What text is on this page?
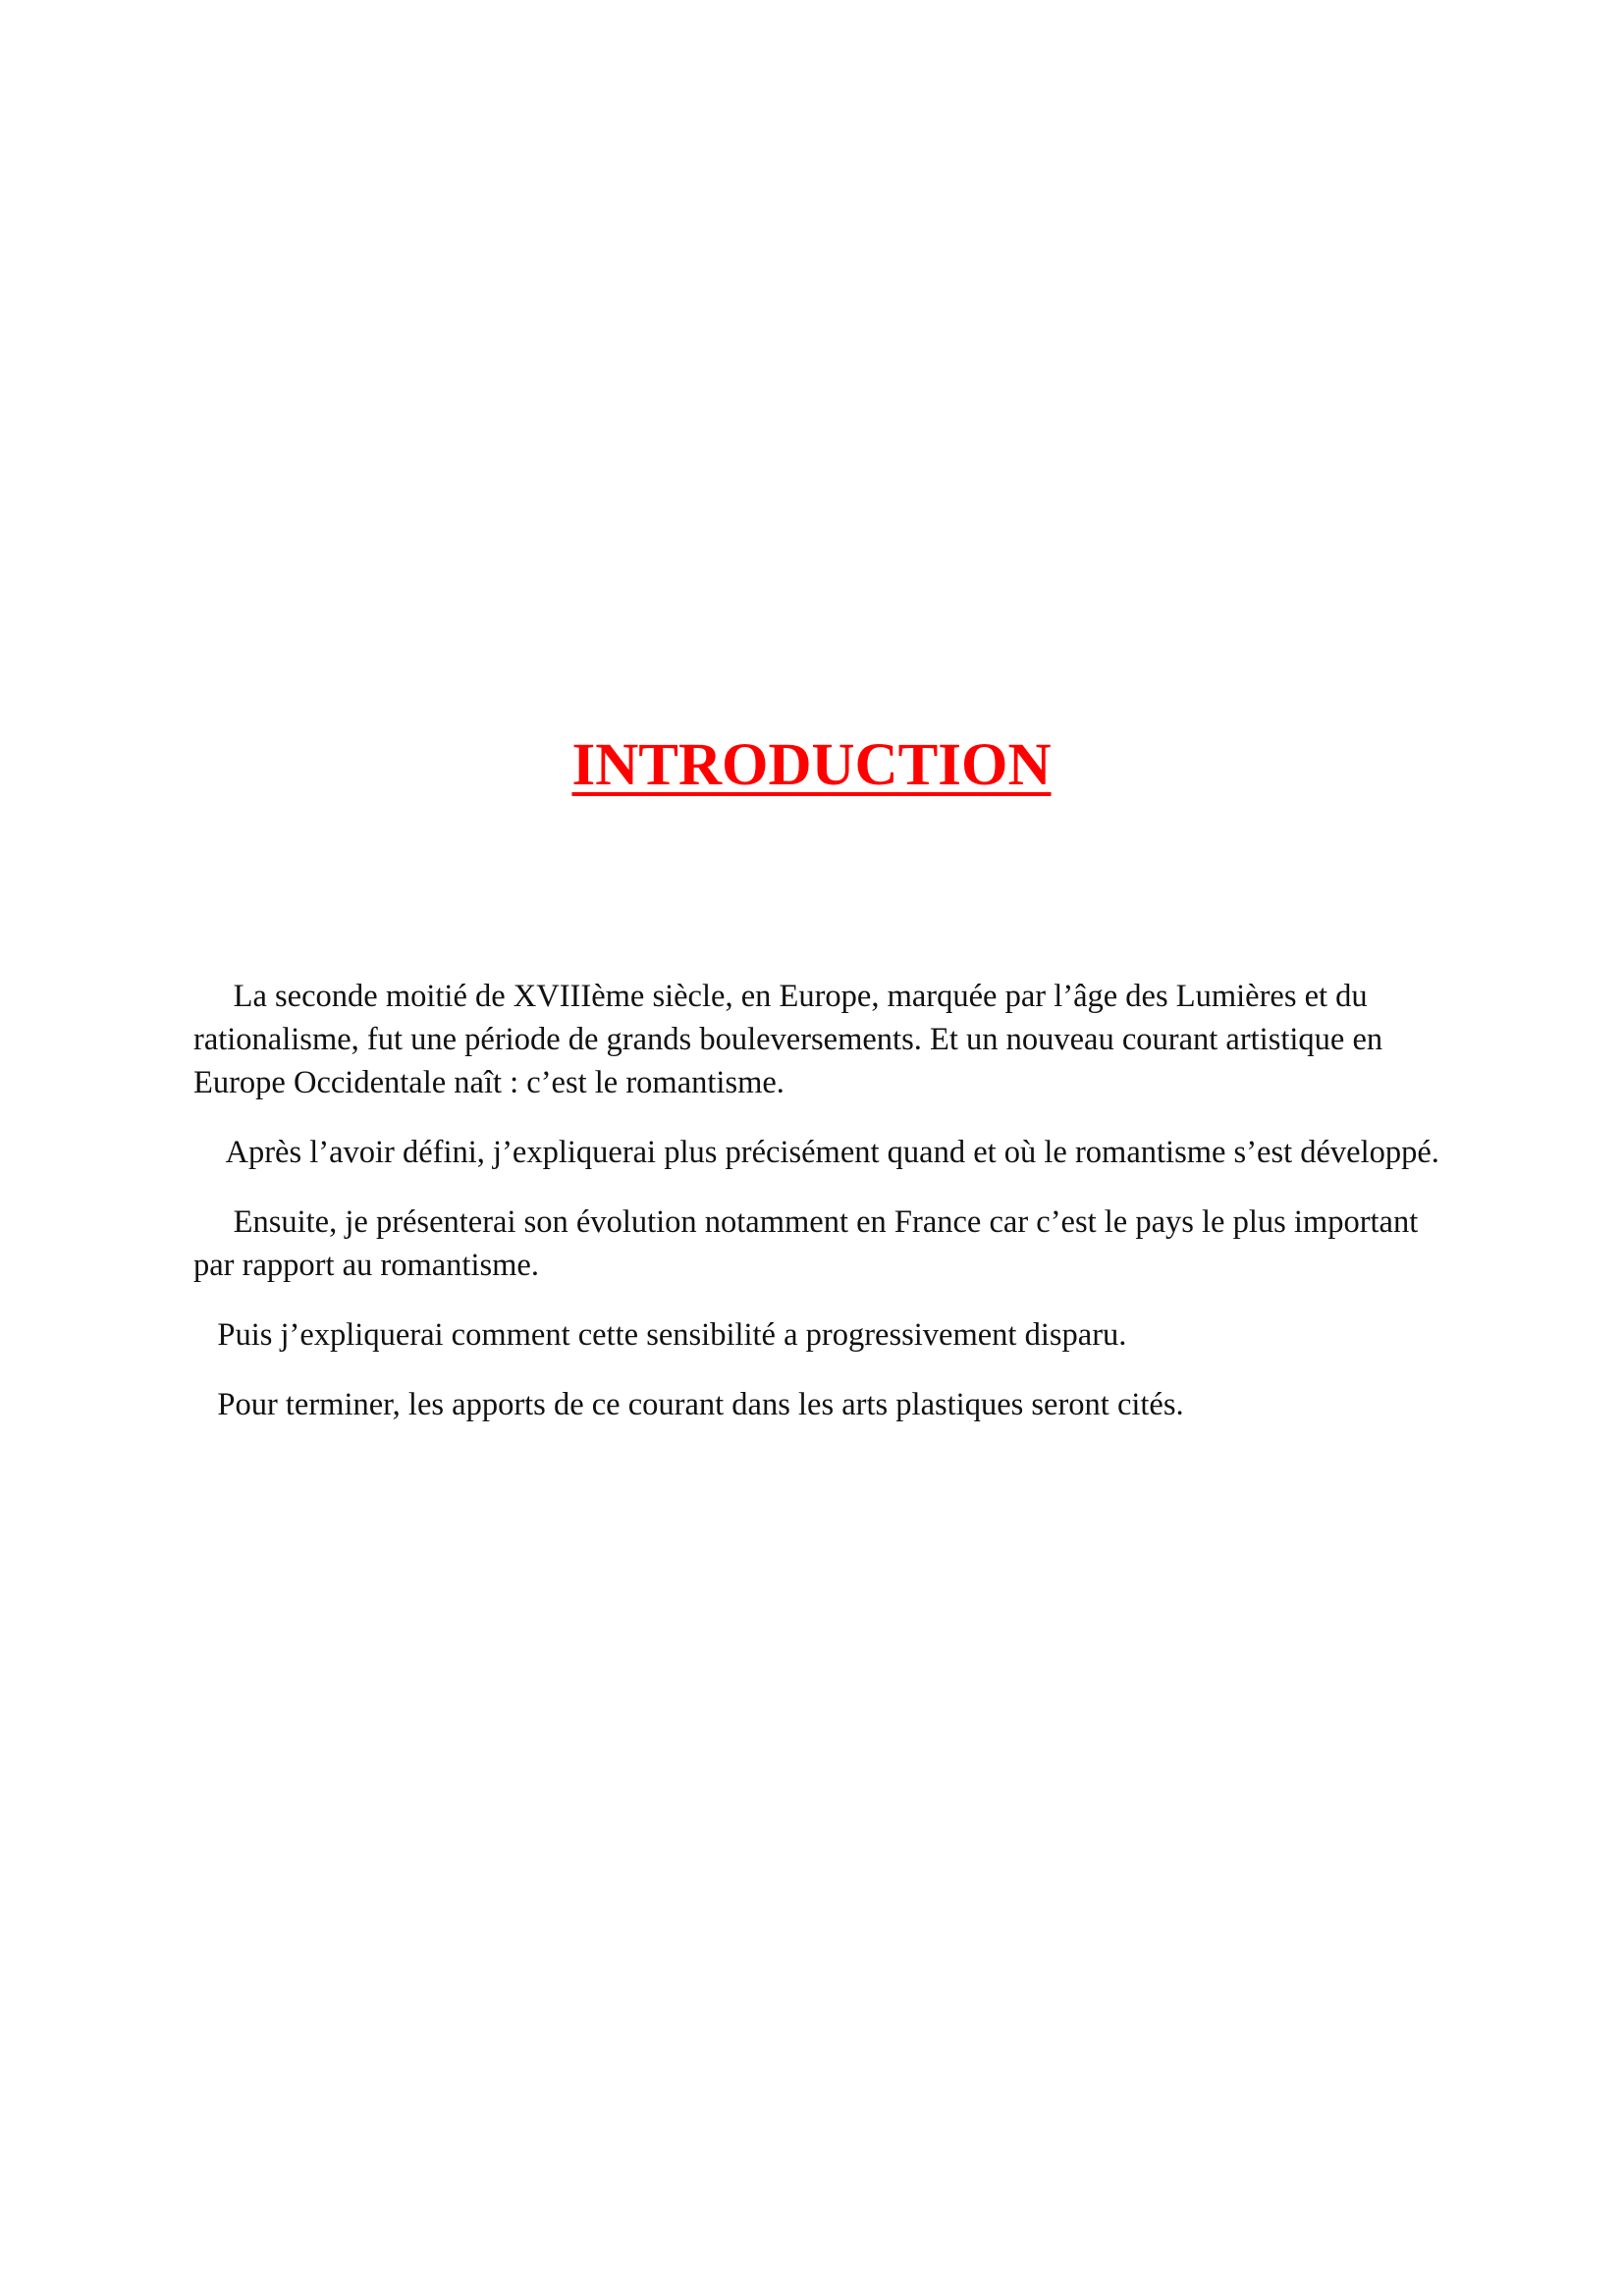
INTRODUCTION

La seconde moitié de XVIIIème siècle, en Europe, marquée par l’âge des Lumières et du rationalisme, fut une période de grands bouleversements. Et un nouveau courant artistique en Europe Occidentale naît : c’est le romantisme.

Après l’avoir défini, j’expliquerai plus précisément quand et où le romantisme s’est développé.

Ensuite, je présenterai son évolution notamment en France car c’est le pays le plus important par rapport au romantisme.

Puis j’expliquerai comment cette sensibilité a progressivement disparu.

Pour terminer, les apports de ce courant dans les arts plastiques seront cités.
